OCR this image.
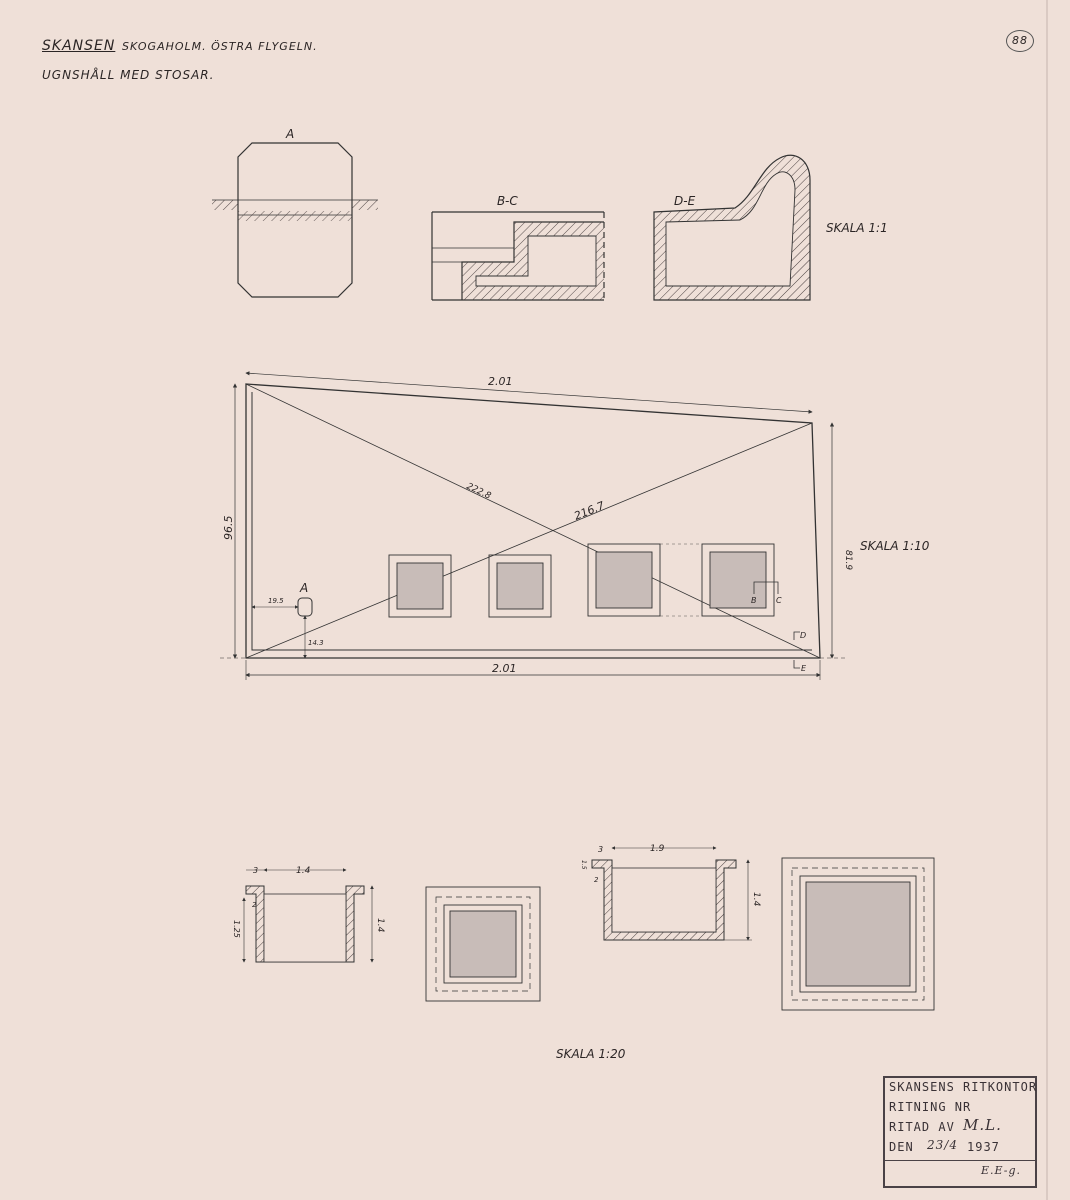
SKANSEN SKOGAHOLM. ÖSTRA FLYGELN.
UGNSHÅLL MED STOSAR.
88
A
B-C	D-E
SKALA 1:1
2.01
2.01
96.5
81.9
222.8
216.7
A
19.5
14.3
B C
D
E
SKALA 1:10
3	1.4
2
1.25	1.4
3	1.9
1.5
2
1.4
SKALA 1:20
SKANSENS RITKONTOR
RITNING NR
RITAD AV M.L.
DEN 23/4 1937
E.E-g.
